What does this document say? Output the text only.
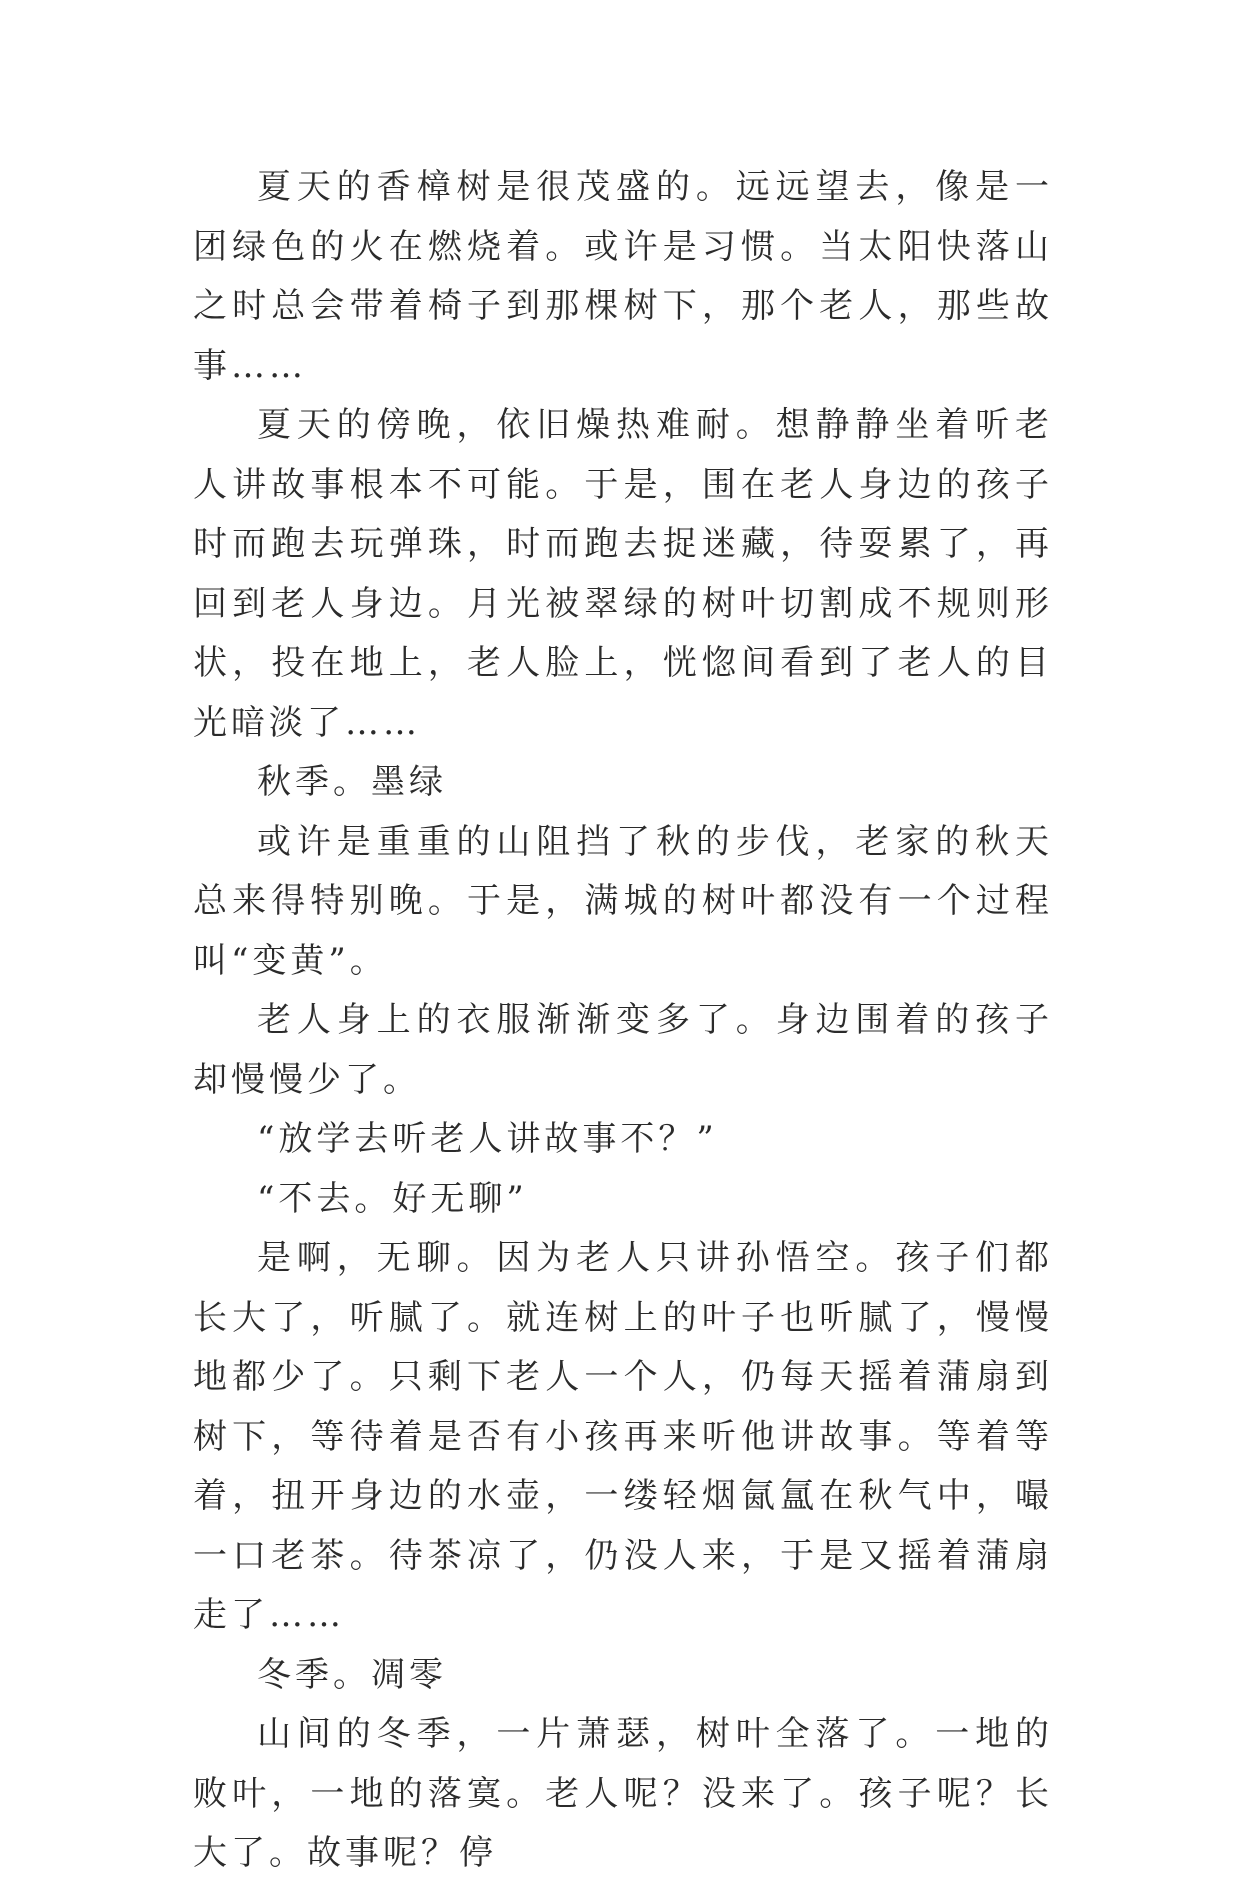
夏天的香樟树是很茂盛的。远远望去，像是一团绿色的火在燃烧着。或许是习惯。当太阳快落山之时总会带着椅子到那棵树下，那个老人，那些故事……

夏天的傍晚，依旧燥热难耐。想静静坐着听老人讲故事根本不可能。于是，围在老人身边的孩子时而跑去玩弹珠，时而跑去捉迷藏，待耍累了，再回到老人身边。月光被翠绿的树叶切割成不规则形状，投在地上，老人脸上，恍惚间看到了老人的目光暗淡了……

秋季。墨绿

或许是重重的山阻挡了秋的步伐，老家的秋天总来得特别晚。于是，满城的树叶都没有一个过程叫“变黄”。

老人身上的衣服渐渐变多了。身边围着的孩子却慢慢少了。

“放学去听老人讲故事不？”

“不去。好无聊”

是啊，无聊。因为老人只讲孙悟空。孩子们都长大了，听腻了。就连树上的叶子也听腻了，慢慢地都少了。只剩下老人一个人，仍每天摇着蒲扇到树下，等待着是否有小孩再来听他讲故事。等着等着，扭开身边的水壶，一缕轻烟氤氲在秋气中，嘬一口老茶。待茶凉了，仍没人来，于是又摇着蒲扇走了……

冬季。凋零

山间的冬季，一片萧瑟，树叶全落了。一地的败叶，一地的落寞。老人呢？没来了。孩子呢？长大了。故事呢？停
